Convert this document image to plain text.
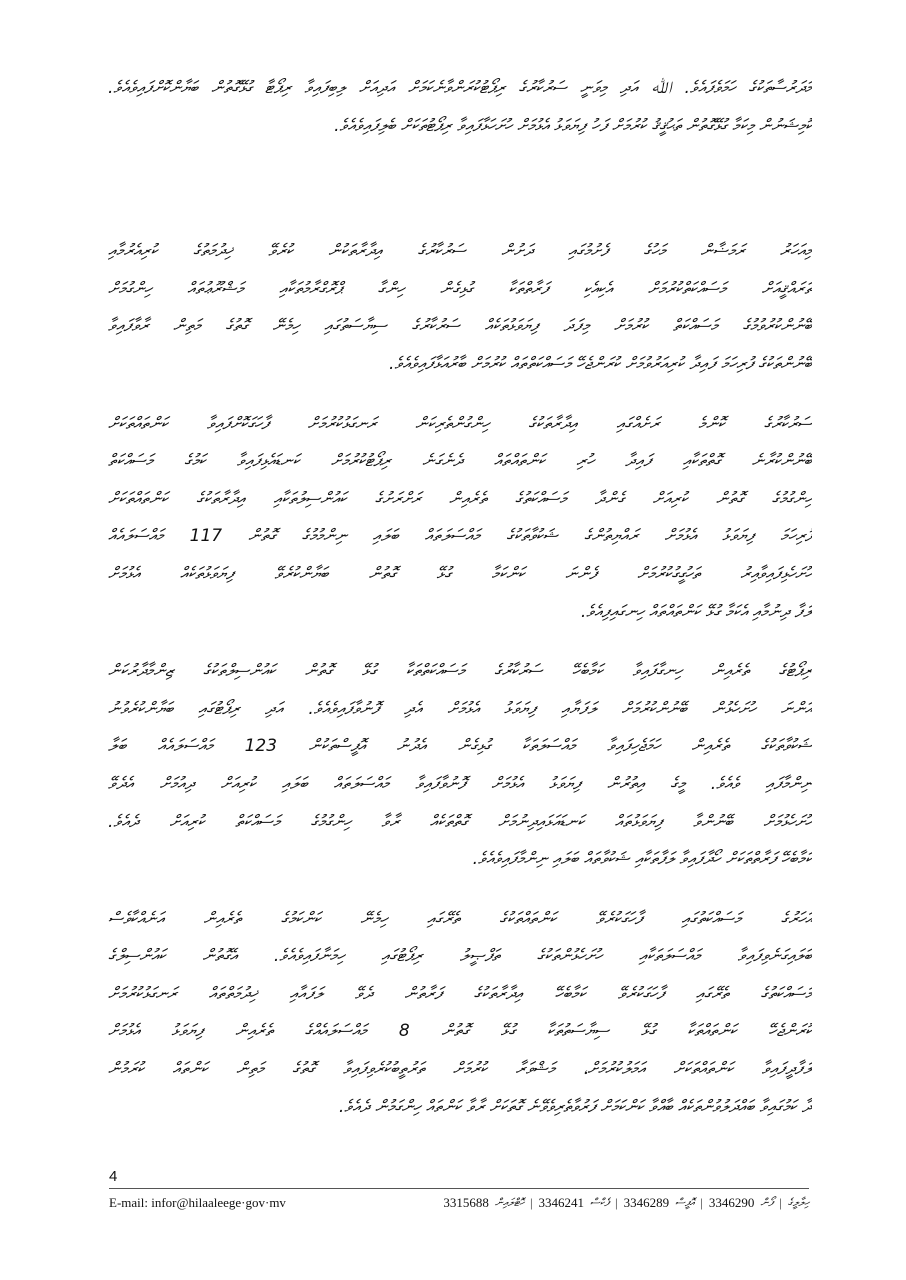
މަދަރުސާތަކުގެ ހަމަވެފައެވެ. ﷲ އަދި މިވަނީ ސަރުކާރުގެ ރިޕޯޓުކުރަންވާނެކަމަށް އަދިއަށް ލިބިފައިވާ ރިޕޯޓާ ގުޅޭގޮތުން ބަޔާންކޮށްފައިވެއެވެ.
ކޮމިޝަނުން މިކަމާ ގުޅޭގޮތުން ތަޙުޤީޤު ކުރުމަށް ފަހު ފިޔަވަޅު އެޅުމަށް ހުށަހަޅާފައިވާ ރިޕޯޓުތަކަށް ބެލިފައިވެއެވެ.
މިއަހަރު ރަމަޟާން މަހުގެ ފެށުމުގައި ދަށުން ސަރުކާރުގެ އިދާރާތަކުން ކުރެވޭ ޚިދުމަތުގެ ކުރިއެރުމާއި
ތަރައްޤީއަށް މަސައްކަތްކުރުމަށް އެކިއެކި ފަރާތްތަކާ ގުޅިގެން ހިންގާ ޕްރޮގްރާމުތަކާއި މަޝްރޫޢުތައް ހިންގުމަށް
ބޭނުންކުރުވުމުގެ މަސައްކަތް ކުރުމަށް މިފަދަ ފިޔަވަޅުތަކެއް ސަރުކާރުގެ ސިޔާސަތުގައި ހިމެނޭ ގޮތުގެ މަތިން ރާވާފައިވާ
ބޭނުންތަކުގެ ފުރިހަމަ ފައިދާ ކުރިއަރުވުމަށް ކުރަންޖެހޭ މަސައްކަތްތައް ކުރުމަށް ބާރުއަޅާފައިވެއެވެ.
ސަރުކާރުގެ ކޮންމެ ރަށެއްގައި އިދާރާތަކުގެ ހިންގުންތެރިކަން ރަނގަޅުކުރުމަށް ފާހަގަކޮށްފައިވާ ކަންތައްތަކަށް
ބޭނުންކުރާނެ ގޮތްތަކާއި ފައިދާ ހުރި ކަންތައްތައް ދެނެގަނެ ރިޕޯޓުކުރުމަށް ކަނޑައެޅިފައިވާ ކަމުގެ މަސައްކަތް
ހިންގުމުގެ ގޮތުން ކުރިއަށް ގެންދާ މަސައްކަތުގެ ތެރެއިން ރަށްރަށުގެ ކައުންސިލުތަކާއި އިދާރާތަކުގެ ކަންތައްތަކަށް
ފުރިހަމަ ފިޔަވަޅު އެޅުމަށް ރައްޔިތުންގެ ޝަކުވާތަކުގެ މައްސަލަތައް ބަލައި ނިންމުމުގެ ގޮތުން 117 މައްސަލައެއް
ހުށަހެޅިފައިވާއިރު ތަހުގީގުކުރުމަށް ފެންނަ ކަންކަމާ ގުޅޭ ގޮތުން ބަޔާންކުރެވޭ ފިޔަވަޅުތަކެއް އެޅުމަށް
ލަފާ ދިނުމާއި އެކަމާ ގުޅޭ ކަންތައްތައް ހިނގައިފިއެވެ.
ރިޕޯޓުގެ ތެރެއިން ހިނގާފައިވާ ކަމާބެހޭ ސަރުކާރުގެ މަސައްކަތްތަކާ ގުޅޭ ގޮތުން ކައުންސިލްތަކުގެ ޒިންމާދާރުކަން
އަންނަ ހުށަހެޅުން ބޭނުންކުރުމަށް ލަފަޔާއި ފިޔަވަޅު އެޅުމަށް އެދި ފޮނުވާފައިވެއެވެ. އަދި ރިޕޯޓުގައި ބަޔާންކުރެވުނު
ޝަކުވާތަކުގެ ތެރެއިން ހަމަޖެހިފައިވާ މައްސަލަތަކާ ގުޅިގެން އެދުނު އޮފީސްތަކުން 123 މައްސަލައެއް ބަލާ
ނިންމާފައި ވެއެވެ. މީގެ އިތުރުން ފިޔަވަޅު އެޅުމަށް ފޮނުވާފައިވާ މައްސަލަތައް ބަލައި ކުރިއަށް ދިއުމަށް އެދެވޭ
ހުށަހެޅުމަށް ބޭނުންވާ ފިޔަވަޅުތައް ކަނޑައަޅައިދިނުމަށް ގޮތްތަކެއް ރާވާ ހިންގުމުގެ މަސައްކަތް ކުރިއަށް ދެއެވެ.
ކަމާބެހޭ ފަރާތްތަކަށް ހޯދާފައިވާ ލަފާތަކާއި ޝަކުވާތައް ބަލައި ނިންމާފައިވެއެވެ.
އަހަރުގެ މަސައްކަތުގައި ފާހަގަކުރެވޭ ކަންތައްތަކުގެ ތެރޭގައި ހިމެނޭ ކަންކަމުގެ ތެރެއިން އަނެއްކާވެސް
ބަލައިގަނެވިފައިވާ މައްސަލަތަކާއި ހުށަހެޅުންތަކުގެ ތަފްޞީލު ރިޕޯޓުގައި ހިމަނާފައިވެއެވެ. އެގޮތުން ކައުންސިލްގެ
މަސައްކަތުގެ ތެރޭގައި ފާހަގަކުރެވޭ ކަމާބެހޭ އިދާރާތަކުގެ ފަރާތުން ދެވޭ ލަފައާއި ޚިދުމަތްތައް ރަނގަޅުކުރުމަށް
ކުރަންޖެހޭ ކަންތައްތަކާ ގުޅޭ ސިޔާސަތުތަކާ ގުޅޭ ގޮތުން 8 މައްސަލައެއްގެ ތެރެއިން ފިޔަވަޅު އެޅުމަށް
ލަފާދީފައިވާ ކަންތައްތަކަށް އަމަލުކުރުމަށް، މަޝްވަރާ ކުރުމަށް ތަރުތީބުކުރެވިފައިވާ ގޮތުގެ މަތިން ކަންތައް ކުރަމުން
ދާ ކަމުގައިވާ ބައްދަލުވުންތަކެއް ބާއްވާ ކަންކަމަށް ފަރުވާތެރިވެވޭނެ ގޮތަކަށް ރާވާ ކަންތައް ހިންގަމުން ދެއެވެ.
4
E-mail: infor@hilaaleege·gov·mv	ހިލާލީގެ
|
ފޯން
3346290
|
އޮފީސް
3346289
|
ފެކްސް
3346241
|
ހޮޓްލައިން
3315688
